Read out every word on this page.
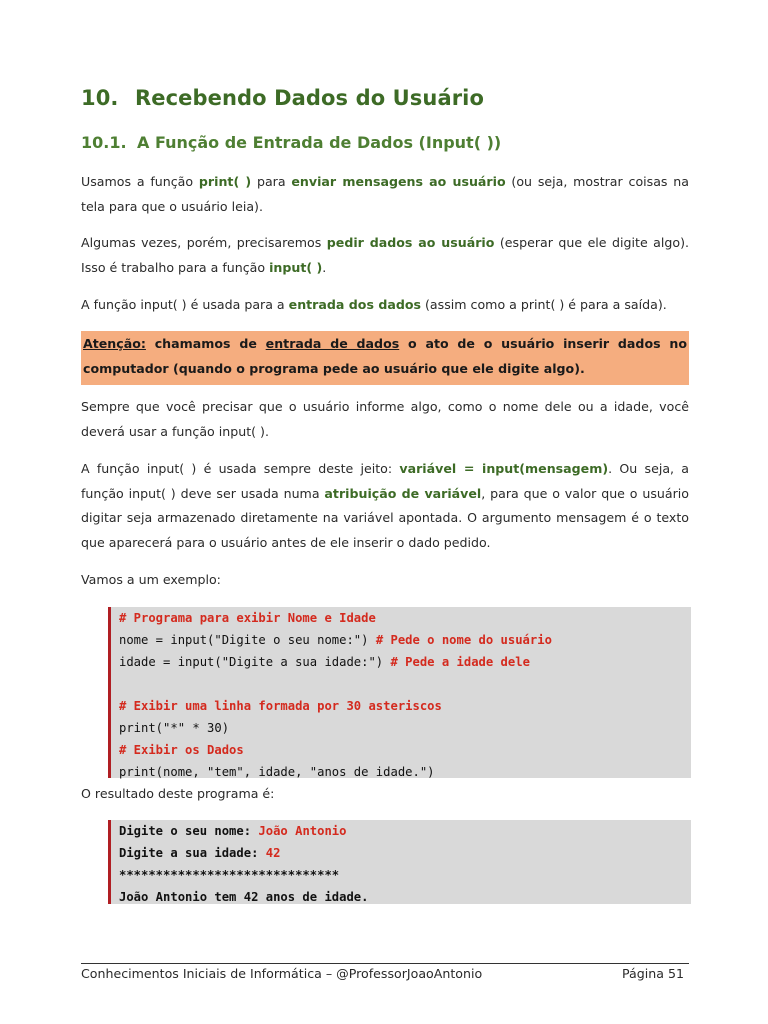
10. Recebendo Dados do Usuário
10.1. A Função de Entrada de Dados (Input( ))

Usamos a função print( ) para enviar mensagens ao usuário (ou seja, mostrar coisas na tela para que o usuário leia).

Algumas vezes, porém, precisaremos pedir dados ao usuário (esperar que ele digite algo). Isso é trabalho para a função input( ).

A função input( ) é usada para a entrada dos dados (assim como a print( ) é para a saída).

Atenção: chamamos de entrada de dados o ato de o usuário inserir dados no computador (quando o programa pede ao usuário que ele digite algo).

Sempre que você precisar que o usuário informe algo, como o nome dele ou a idade, você deverá usar a função input( ).

A função input( ) é usada sempre deste jeito: variável = input(mensagem). Ou seja, a função input( ) deve ser usada numa atribuição de variável, para que o valor que o usuário digitar seja armazenado diretamente na variável apontada. O argumento mensagem é o texto que aparecerá para o usuário antes de ele inserir o dado pedido.

Vamos a um exemplo:

# Programa para exibir Nome e Idade
nome = input("Digite o seu nome:") # Pede o nome do usuário
idade = input("Digite a sua idade:") # Pede a idade dele

# Exibir uma linha formada por 30 asteriscos
print("*" * 30)
# Exibir os Dados
print(nome, "tem", idade, "anos de idade.")

O resultado deste programa é:

Digite o seu nome: João Antonio
Digite a sua idade: 42
******************************
João Antonio tem 42 anos de idade.
Conhecimentos Iniciais de Informática – @ProfessorJoaoAntonio	Página 51
